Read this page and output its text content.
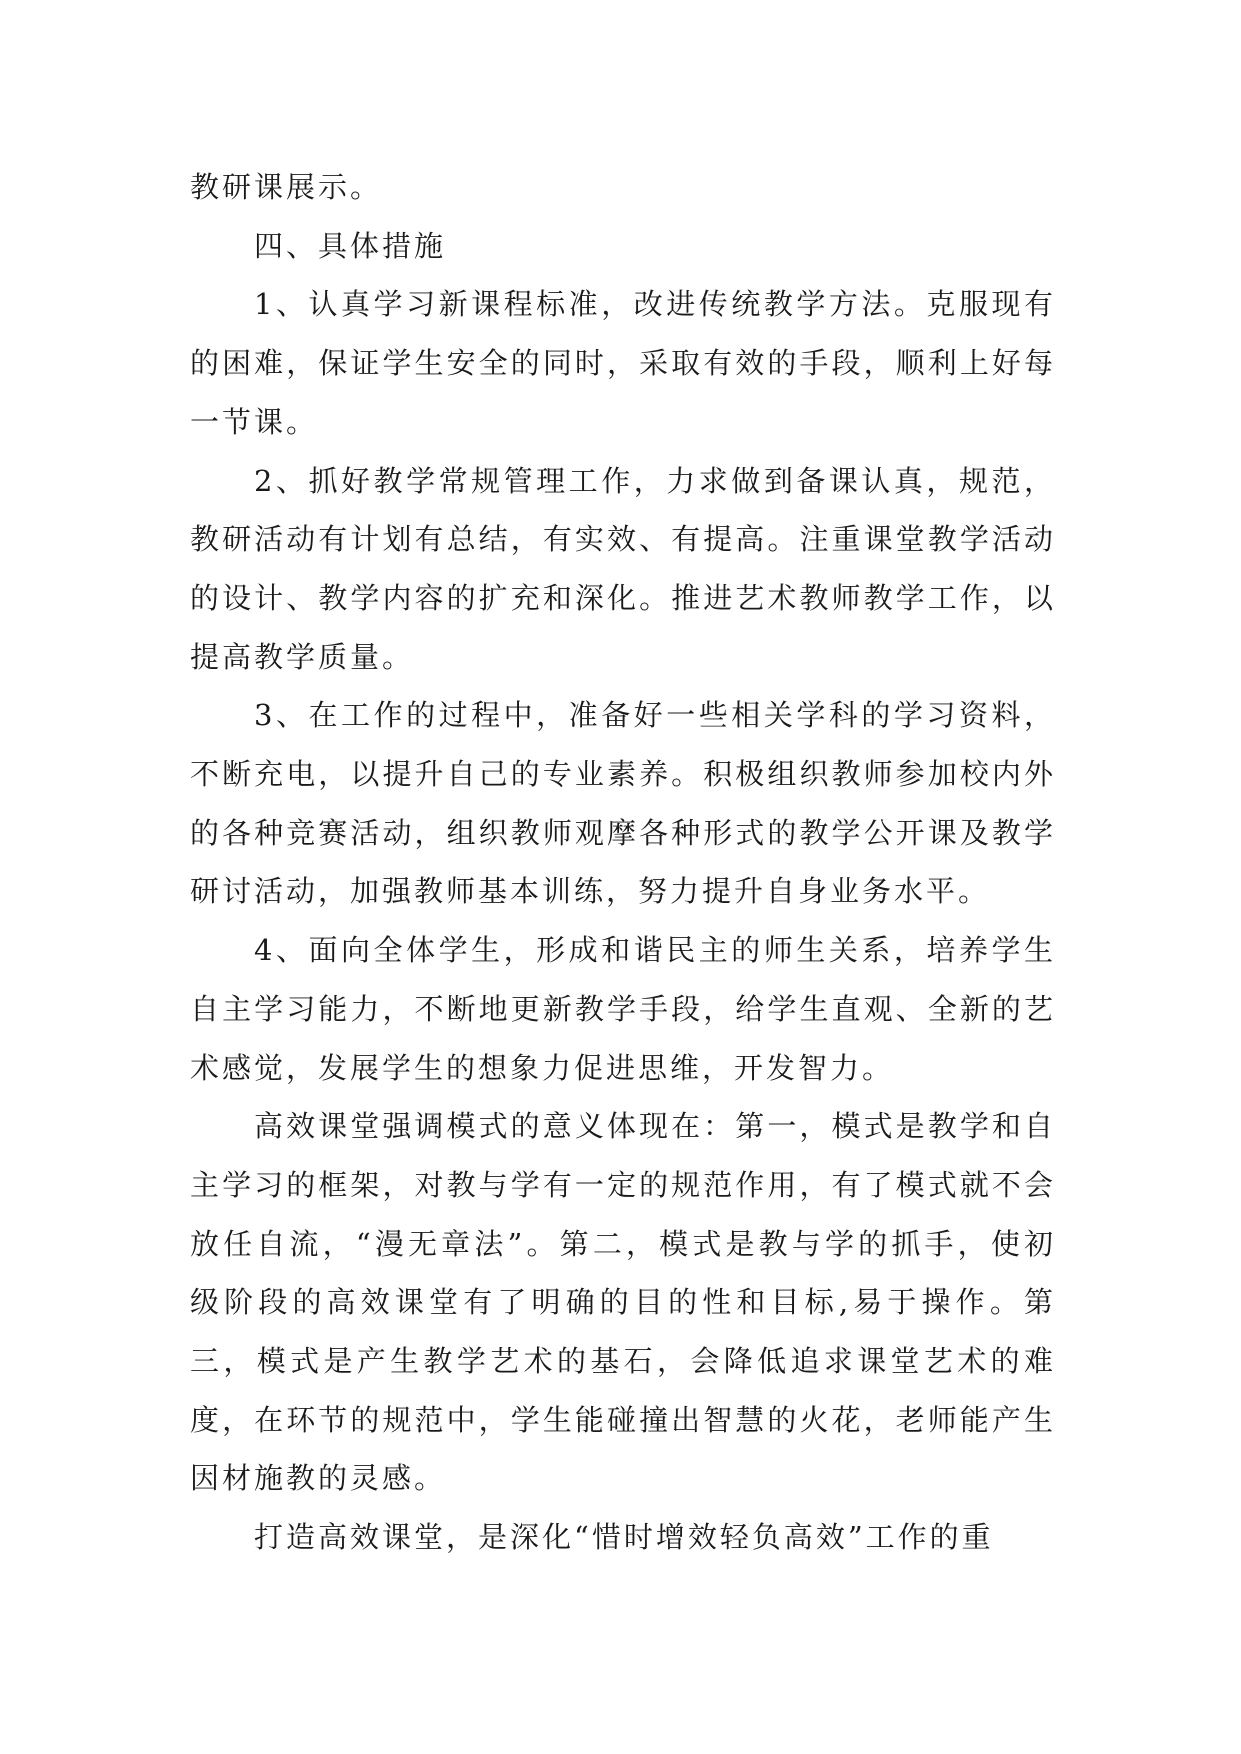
教研课展示。

四、具体措施

1、认真学习新课程标准，改进传统教学方法。克服现有的困难，保证学生安全的同时，采取有效的手段，顺利上好每一节课。

2、抓好教学常规管理工作，力求做到备课认真，规范，教研活动有计划有总结，有实效、有提高。注重课堂教学活动的设计、教学内容的扩充和深化。推进艺术教师教学工作，以提高教学质量。

3、在工作的过程中，准备好一些相关学科的学习资料，不断充电，以提升自己的专业素养。积极组织教师参加校内外的各种竞赛活动，组织教师观摩各种形式的教学公开课及教学研讨活动，加强教师基本训练，努力提升自身业务水平。

4、面向全体学生，形成和谐民主的师生关系，培养学生自主学习能力，不断地更新教学手段，给学生直观、全新的艺术感觉，发展学生的想象力促进思维，开发智力。

高效课堂强调模式的意义体现在：第一，模式是教学和自主学习的框架，对教与学有一定的规范作用，有了模式就不会放任自流，“漫无章法”。第二，模式是教与学的抓手，使初级阶段的高效课堂有了明确的目的性和目标,易于操作。第三，模式是产生教学艺术的基石，会降低追求课堂艺术的难度，在环节的规范中，学生能碰撞出智慧的火花，老师能产生因材施教的灵感。

打造高效课堂，是深化“惜时增效轻负高效”工作的重
